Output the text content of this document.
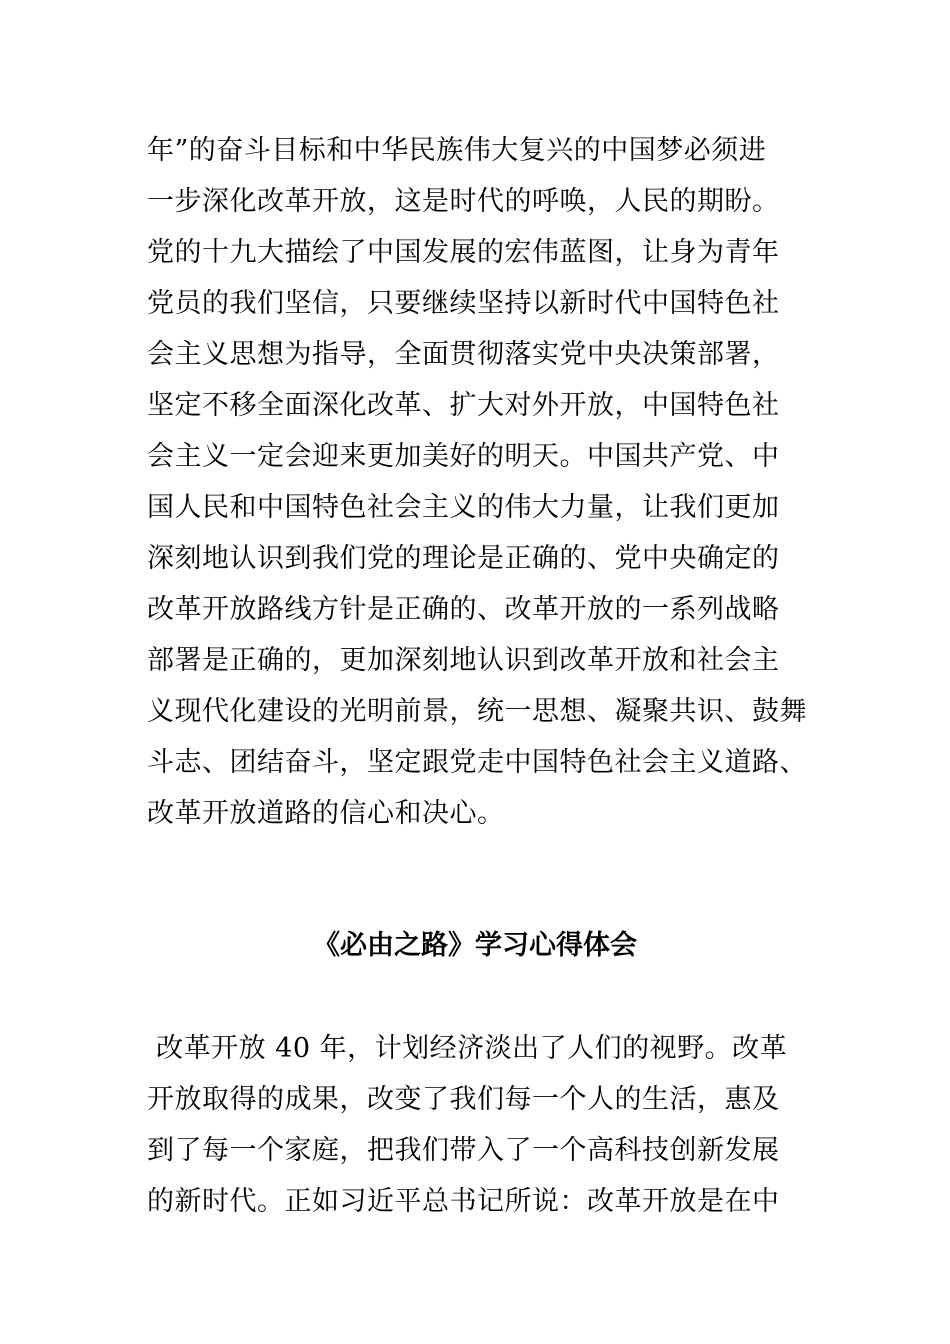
年”的奋斗目标和中华民族伟大复兴的中国梦必须进
一步深化改革开放，这是时代的呼唤，人民的期盼。
党的十九大描绘了中国发展的宏伟蓝图，让身为青年
党员的我们坚信，只要继续坚持以新时代中国特色社
会主义思想为指导，全面贯彻落实党中央决策部署，
坚定不移全面深化改革、扩大对外开放，中国特色社
会主义一定会迎来更加美好的明天。中国共产党、中
国人民和中国特色社会主义的伟大力量，让我们更加
深刻地认识到我们党的理论是正确的、党中央确定的
改革开放路线方针是正确的、改革开放的一系列战略
部署是正确的，更加深刻地认识到改革开放和社会主
义现代化建设的光明前景，统一思想、凝聚共识、鼓舞
斗志、团结奋斗，坚定跟党走中国特色社会主义道路、
改革开放道路的信心和决心。
《必由之路》学习心得体会
改革开放 40 年，计划经济淡出了人们的视野。改革
开放取得的成果，改变了我们每一个人的生活，惠及
到了每一个家庭，把我们带入了一个高科技创新发展
的新时代。正如习近平总书记所说：改革开放是在中
